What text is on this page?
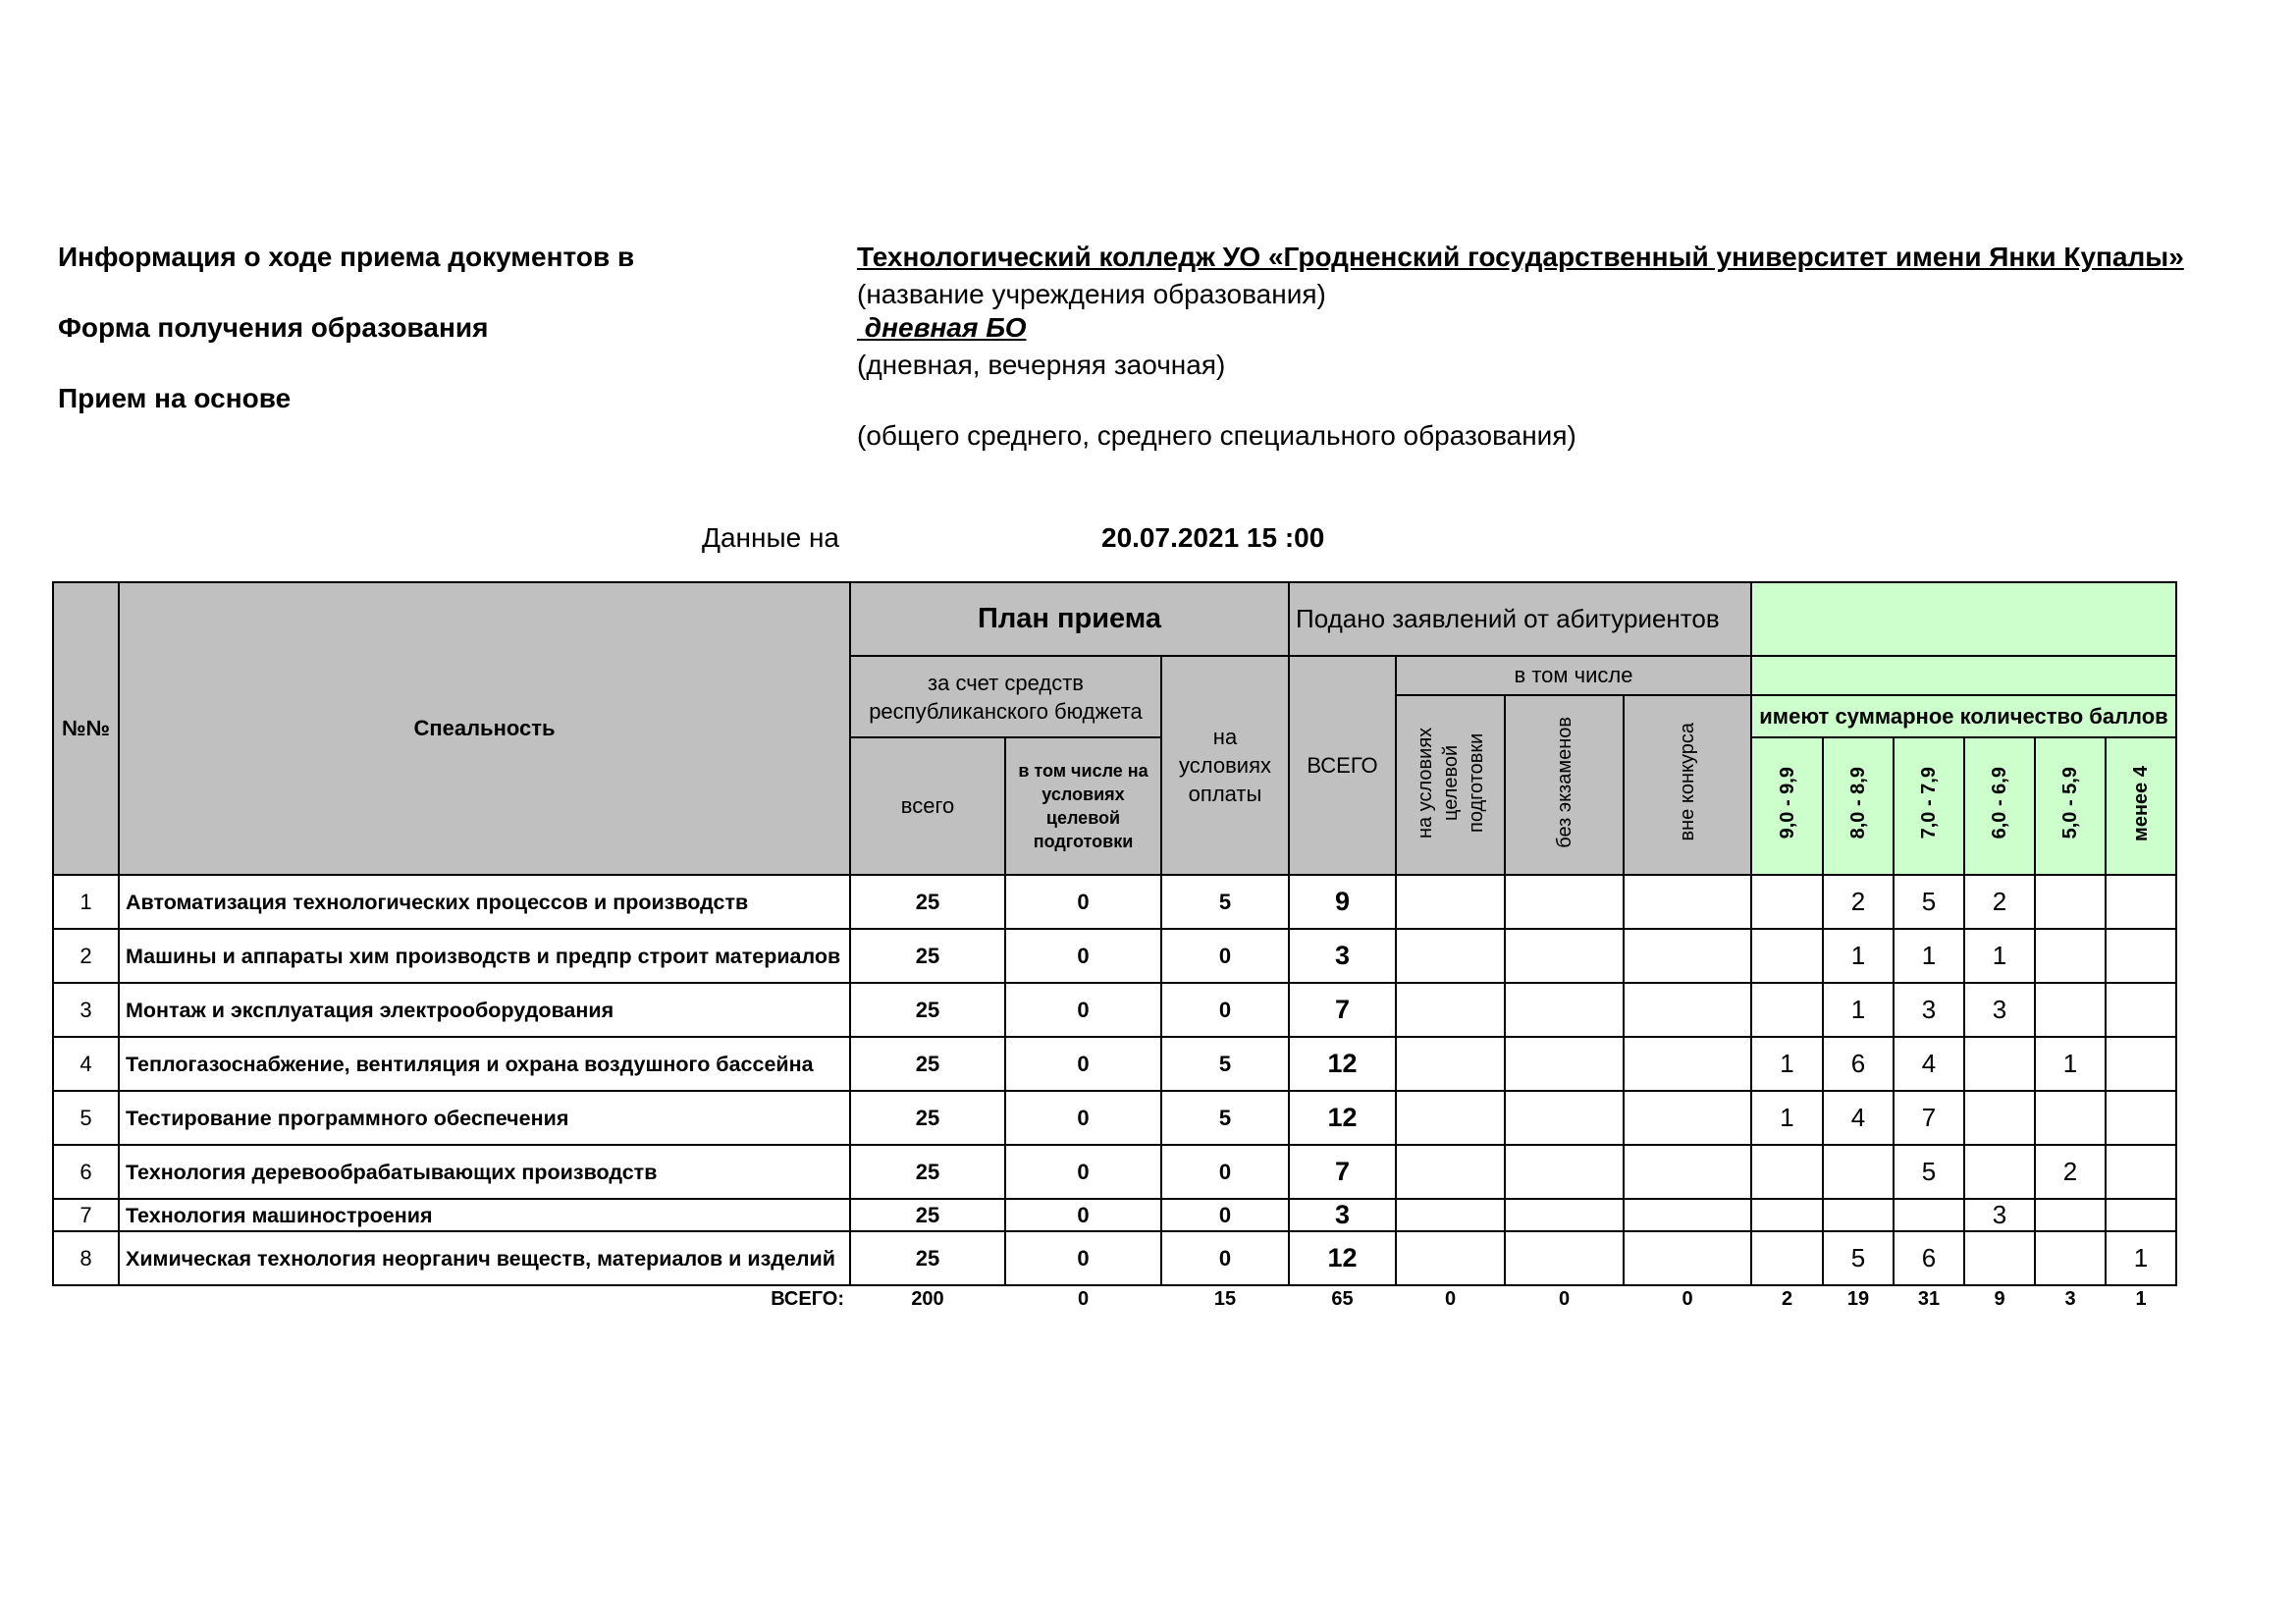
Информация о ходе приема документов в	Технологический колледж УО «Гродненский государственный университет имени Янки Купалы»
(название учреждения образования)
Форма получения образования	дневная БО
(дневная, вечерняя заочная)
Прием на основе
(общего среднего, среднего специального образования)
Данные на	20.07.2021 15 :00
№№	Спеальность	План приема			Подано заявлений от абитуриентов									
		за счет средств республиканского бюджета		на условиях оплаты	ВСЕГО	в том числе								
						на условиях целевой подготовки	без экзаменов	вне конкурса	имеют суммарное количество баллов					
		всего	в том числе на условиях целевой подготовки						9,0 - 9,9	8,0 - 8,9	7,0 - 7,9	6,0 - 6,9	5,0 - 5,9	менее 4
1	Автоматизация технологических процессов и производств	25	0	5	9					2	5	2		
2	Машины и аппараты хим производств и предпр строит материалов	25	0	0	3					1	1	1		
3	Монтаж и эксплуатация электрооборудования	25	0	0	7					1	3	3		
4	Теплогазоснабжение, вентиляция и охрана воздушного бассейна	25	0	5	12				1	6	4		1	
5	Тестирование программного обеспечения	25	0	5	12				1	4	7			
6	Технология деревообрабатывающих производств	25	0	0	7						5		2	
7	Технология машиностроения	25	0	0	3							3		
8	Химическая технология неорганич веществ, материалов и изделий	25	0	0	12					5	6			1
	ВСЕГО:	200	0	15	65	0	0	0	2	19	31	9	3	1
